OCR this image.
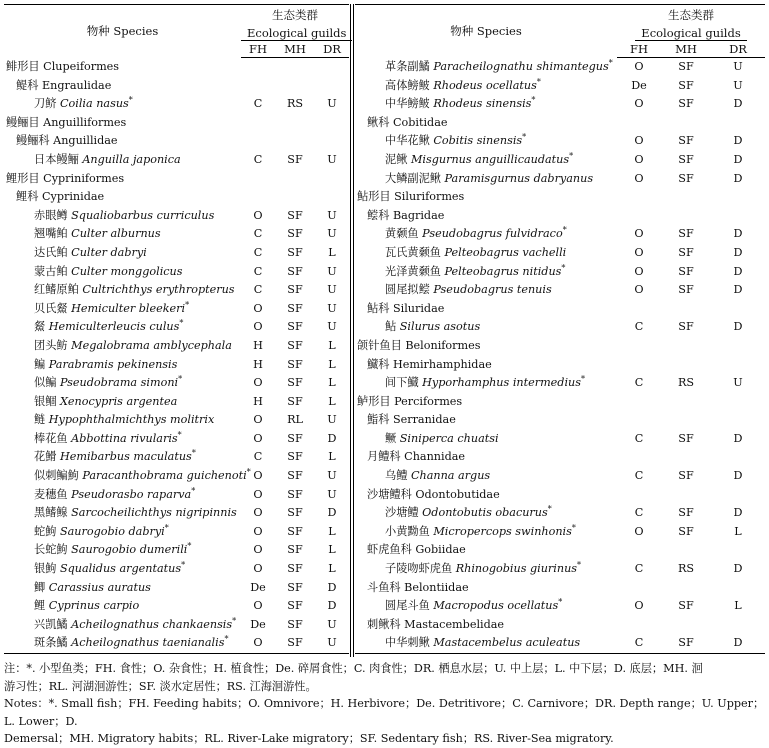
物种 Species	生态类群		
	Ecological guilds		
	FH	MH	DR
鲱形目 Clupeiformes			
鳀科 Engraulidae			
刀鲚 Coilia nasus*	C	RS	U
鳗鲡目 Anguilliformes			
鳗鲡科 Anguillidae			
日本鳗鲡 Anguilla japonica	C	SF	U
鲤形目 Cypriniformes			
鲤科 Cyprinidae			
赤眼鳟 Squaliobarbus curriculus	O	SF	U
翘嘴鲌 Culter alburnus	C	SF	U
达氏鲌 Culter dabryi	C	SF	L
蒙古鲌 Culter monggolicus	C	SF	U
红鳍原鲌 Cultrichthys erythropterus	C	SF	U
贝氏䱗 Hemiculter bleekeri*	O	SF	U
䱗 Hemiculterleucis culus*	O	SF	U
团头鲂 Megalobrama amblycephala	H	SF	L
鳊 Parabramis pekinensis	H	SF	L
似鳊 Pseudobrama simoni*	O	SF	L
银鲴 Xenocypris argentea	H	SF	L
鲢 Hypophthalmichthys molitrix	O	RL	U
棒花鱼 Abbottina rivularis*	O	SF	D
花䱻 Hemibarbus maculatus*	C	SF	L
似刺鳊鮈 Paracanthobrama guichenoti*	O	SF	U
麦穗鱼 Pseudorasbo raparva*	O	SF	U
黑鳍鳈 Sarcocheilichthys nigripinnis	O	SF	D
蛇鮈 Saurogobio dabryi*	O	SF	L
长蛇鮈 Saurogobio dumerili*	O	SF	L
银鮈 Squalidus argentatus*	O	SF	L
鲫 Carassius auratus	De	SF	D
鲤 Cyprinus carpio	O	SF	D
兴凯鱊 Acheilognathus chankaensis*	De	SF	U
斑条鱊 Acheilognathus taenianalis*	O	SF	U
物种 Species	生态类群		
	Ecological guilds		
	FH	MH	DR
革条副鱊 Paracheilognathu shimantegus*	O	SF	U
高体鳑鲏 Rhodeus ocellatus*	De	SF	U
中华鳑鲏 Rhodeus sinensis*	O	SF	D
鳅科 Cobitidae			
中华花鳅 Cobitis sinensis*	O	SF	D
泥鳅 Misgurnus anguillicaudatus*	O	SF	D
大鳞副泥鳅 Paramisgurnus dabryanus	O	SF	D
鲇形目 Siluriformes			
鲿科 Bagridae			
黄颡鱼 Pseudobagrus fulvidraco*	O	SF	D
瓦氏黄颡鱼 Pelteobagrus vachelli	O	SF	D
光泽黄颡鱼 Pelteobagrus nitidus*	O	SF	D
圆尾拟鲿 Pseudobagrus tenuis	O	SF	D
鲇科 Siluridae			
鲇 Silurus asotus	C	SF	D
颌针鱼目 Beloniformes			
鱵科 Hemirhamphidae			
间下鱵 Hyporhamphus intermedius*	C	RS	U
鲈形目 Perciformes			
鮨科 Serranidae			
鳜 Siniperca chuatsi	C	SF	D
月鳢科 Channidae			
乌鳢 Channa argus	C	SF	D
沙塘鳢科 Odontobutidae			
沙塘鳢 Odontobutis obacurus*	C	SF	D
小黄黝鱼 Micropercops swinhonis*	O	SF	L
虾虎鱼科 Gobiidae			
子陵吻虾虎鱼 Rhinogobius giurinus*	C	RS	D
斗鱼科 Belontiidae			
圆尾斗鱼 Macropodus ocellatus*	O	SF	L
刺鳅科 Mastacembelidae			
中华刺鳅 Mastacembelus aculeatus	C	SF	D

注：*. 小型鱼类；FH. 食性；O. 杂食性；H. 植食性；De. 碎屑食性；C. 肉食性；DR. 栖息水层；U. 中上层；L. 中下层；D. 底层；MH. 洄

游习性；RL. 河湖洄游性；SF. 淡水定居性；RS. 江海洄游性。

Notes：*. Small fish；FH. Feeding habits；O. Omnivore；H. Herbivore；De. Detritivore；C. Carnivore；DR. Depth range；U. Upper；L. Lower；D.

Demersal；MH. Migratory habits；RL. River-Lake migratory；SF. Sedentary fish；RS. River-Sea migratory.
